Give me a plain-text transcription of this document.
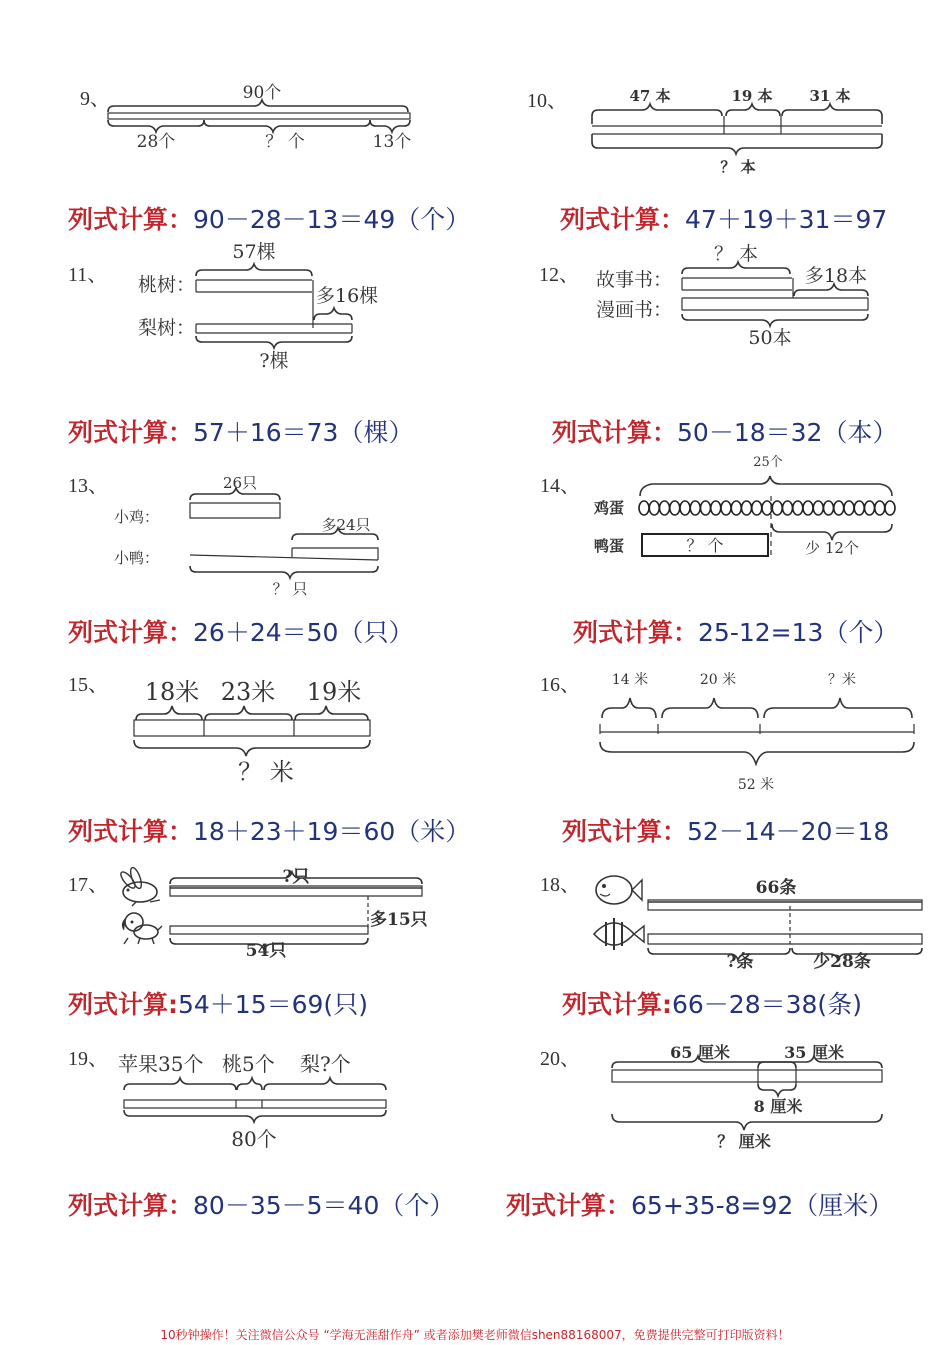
9、	90个
28个	？ 个	13个
列式计算：90－28－13＝49（个）
10、	47 本	19 本 31 本
？ 本
列式计算：47＋19＋31＝97
11、
57棵
桃树：
梨树：
多16棵
?棵
列式计算：57＋16＝73（棵）
12、
？ 本
故事书：
漫画书：
多18本
50本
列式计算：50－18＝32（本）
13、	26只
小鸡：
小鸭：
多24只
？ 只
列式计算：26＋24＝50（只）
14、
鸡蛋
鸭蛋
25个
？ 个	少 12个
列式计算：25-12=13（个）
15、 18米 23米 19米
？ 米
列式计算：18＋23＋19＝60（米）
16、 14 米	20 米	？米
52 米
列式计算：52－14－20＝18
17、	?只
多15只
54只
列式计算:54＋15＝69(只)
18、	66条
?条	少28条
列式计算:66－28＝38(条)
19、 苹果35个 桃5个 梨?个
80个
列式计算：80－35－5＝40（个）
20、	65 厘米	35 厘米
8 厘米
？ 厘米
列式计算：65+35-8=92（厘米）
10秒钟操作！关注微信公众号 “学海无涯甜作舟” 或者添加樊老师微信shen88168007，免费提供完整可打印版资料！
